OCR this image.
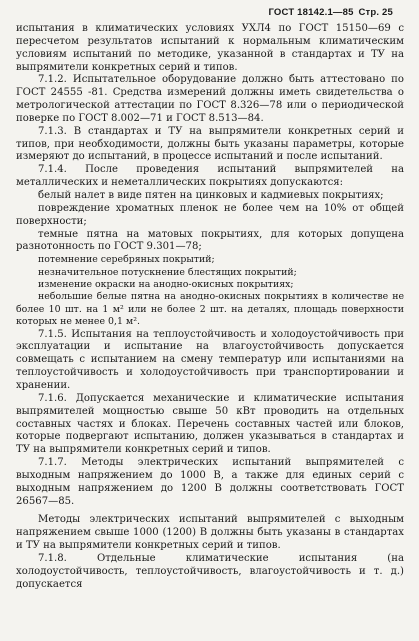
ГОСТ 18142.1—85 Стр. 25

испытания в климатических условиях УХЛ4 по ГОСТ 15150—69 с пересчетом результатов испытаний к нормальным климатическим условиям испытаний по методике, указанной в стандартах и ТУ на выпрямители конкретных серий и типов.

7.1.2. Испытательное оборудование должно быть аттестовано по ГОСТ 24555 -81. Средства измерений должны иметь свидетельства о метрологической аттестации по ГОСТ 8.326—78 или о периодической поверке по ГОСТ 8.002—71 и ГОСТ 8.513—84.

7.1.3. В стандартах и ТУ на выпрямители конкретных серий и типов, при необходимости, должны быть указаны параметры, которые измеряют до испытаний, в процессе испытаний и после испытаний.

7.1.4. После проведения испытаний выпрямителей на металлических и неметаллических покрытиях допускаются:

белый налет в виде пятен на цинковых и кадмиевых покрытиях;

повреждение хроматных пленок не более чем на 10% от общей поверхности;

темные пятна на матовых покрытиях, для которых допущена разнотонность по ГОСТ 9.301—78;

потемнение серебряных покрытий;

незначительное потускнение блестящих покрытий;

изменение окраски на анодно-окисных покрытиях;

небольшие белые пятна на анодно-окисных покрытиях в количестве не более 10 шт. на 1 м² или не более 2 шт. на деталях, площадь поверхности которых не менее 0,1 м².

7.1.5. Испытания на теплоустойчивость и холодоустойчивость при эксплуатации и испытание на влагоустойчивость допускается совмещать с испытанием на смену температур или испытаниями на теплоустойчивость и холодоустойчивость при транспортировании и хранении.

7.1.6. Допускается механические и климатические испытания выпрямителей мощностью свыше 50 кВт проводить на отдельных составных частях и блоках. Перечень составных частей или блоков, которые подвергают испытанию, должен указываться в стандартах и ТУ на выпрямители конкретных серий и типов.

7.1.7. Методы электрических испытаний выпрямителей с выходным напряжением до 1000 В, а также для единых серий с выходным напряжением до 1200 В должны соответствовать ГОСТ 26567—85.

Методы электрических испытаний выпрямителей с выходным напряжением свыше 1000 (1200) В должны быть указаны в стандартах и ТУ на выпрямители конкретных серий и типов.

7.1.8. Отдельные климатические испытания (на холодоустойчивость, теплоустойчивость, влагоустойчивость и т. д.) допускается
